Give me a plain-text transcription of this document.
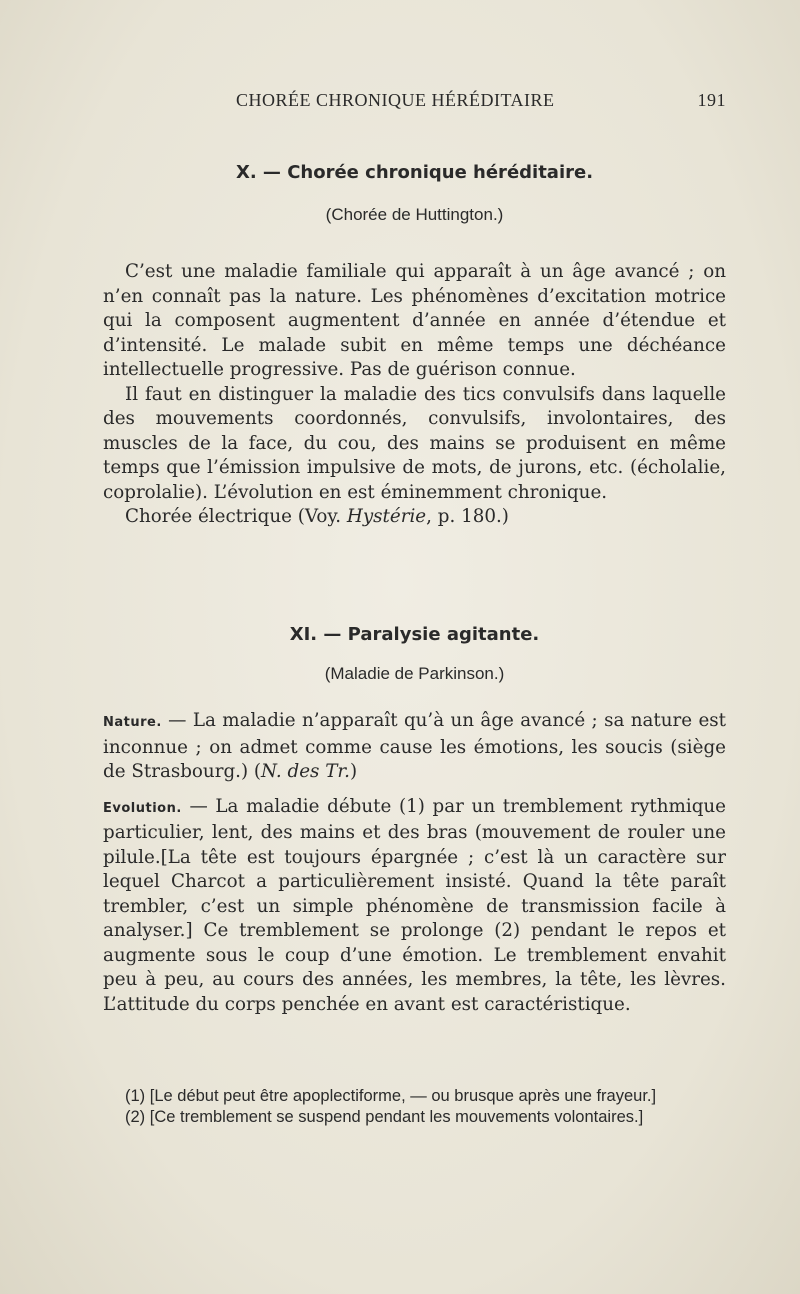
CHORÉE CHRONIQUE HÉRÉDITAIRE	191
X. — Chorée chronique héréditaire.
(Chorée de Huttington.)

C’est une maladie familiale qui apparaît à un âge avancé ; on n’en connaît pas la nature. Les phénomènes d’excitation motrice qui la composent augmentent d’année en année d’étendue et d’intensité. Le malade subit en même temps une déchéance intellectuelle progressive. Pas de guérison connue.

Il faut en distinguer la maladie des tics convulsifs dans laquelle des mouvements coordonnés, convulsifs, involontaires, des muscles de la face, du cou, des mains se produisent en même temps que l’émission impulsive de mots, de jurons, etc. (écholalie, coprolalie). L’évolution en est éminemment chronique.

Chorée électrique (Voy. Hystérie, p. 180.)

XI. — Paralysie agitante.
(Maladie de Parkinson.)

Nature. — La maladie n’apparaît qu’à un âge avancé ; sa nature est inconnue ; on admet comme cause les émotions, les soucis (siège de Strasbourg.) (N. des Tr.)

Evolution. — La maladie débute (1) par un tremblement rythmique particulier, lent, des mains et des bras (mouvement de rouler une pilule.[La tête est toujours épargnée ; c’est là un caractère sur lequel Charcot a particulièrement insisté. Quand la tête paraît trembler, c’est un simple phénomène de transmission facile à analyser.] Ce tremblement se prolonge (2) pendant le repos et augmente sous le coup d’une émotion. Le tremblement envahit peu à peu, au cours des années, les membres, la tête, les lèvres. L’attitude du corps penchée en avant est caractéristique.

(1) [Le début peut être apoplectiforme, — ou brusque après une frayeur.]

(2) [Ce tremblement se suspend pendant les mouvements volontaires.]
